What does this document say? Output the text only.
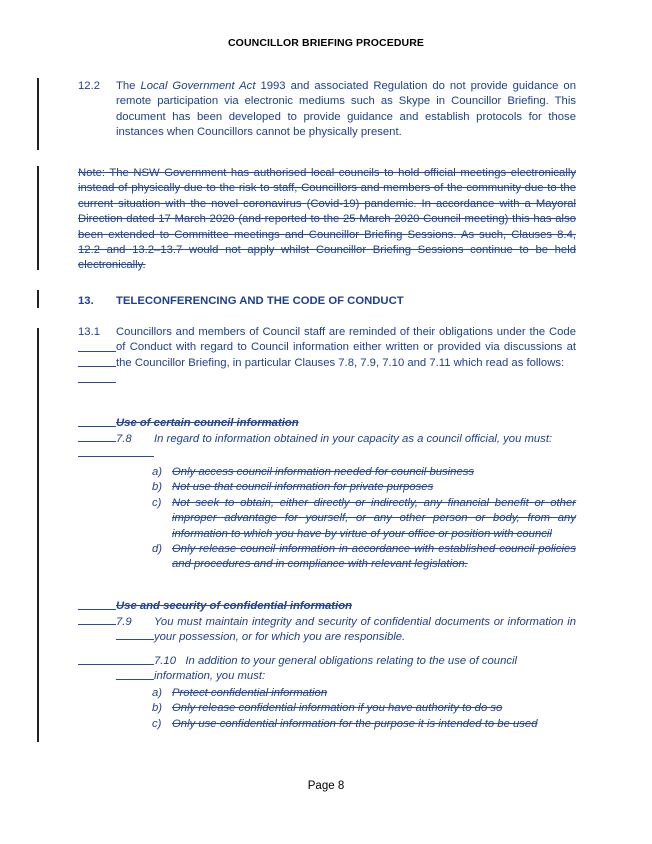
COUNCILLOR BRIEFING PROCEDURE
12.2 The Local Government Act 1993 and associated Regulation do not provide guidance on remote participation via electronic mediums such as Skype in Councillor Briefing. This document has been developed to provide guidance and establish protocols for those instances when Councillors cannot be physically present.
Note: The NSW Government has authorised local councils to hold official meetings electronically instead of physically due to the risk to staff, Councillors and members of the community due to the current situation with the novel coronavirus (Covid-19) pandemic. In accordance with a Mayoral Direction dated 17 March 2020 (and reported to the 25 March 2020 Council meeting) this has also been extended to Committee meetings and Councillor Briefing Sessions. As such, Clauses 8.4, 12.2 and 13.2–13.7 would not apply whilst Councillor Briefing Sessions continue to be held electronically.
13. TELECONFERENCING AND THE CODE OF CONDUCT
13.1 Councillors and members of Council staff are reminded of their obligations under the Code of Conduct with regard to Council information either written or provided via discussions at the Councillor Briefing, in particular Clauses 7.8, 7.9, 7.10 and 7.11 which read as follows:
Use of certain council information
7.8 In regard to information obtained in your capacity as a council official, you must:
a) Only access council information needed for council business
b) Not use that council information for private purposes
c) Not seek to obtain, either directly or indirectly, any financial benefit or other improper advantage for yourself, or any other person or body, from any information to which you have by virtue of your office or position with council
d) Only release council information in accordance with established council policies and procedures and in compliance with relevant legislation.
Use and security of confidential information
7.9 You must maintain integrity and security of confidential documents or information in your possession, or for which you are responsible.
7.10 In addition to your general obligations relating to the use of council information, you must:
a) Protect confidential information
b) Only release confidential information if you have authority to do so
c) Only use confidential information for the purpose it is intended to be used
Page 8
